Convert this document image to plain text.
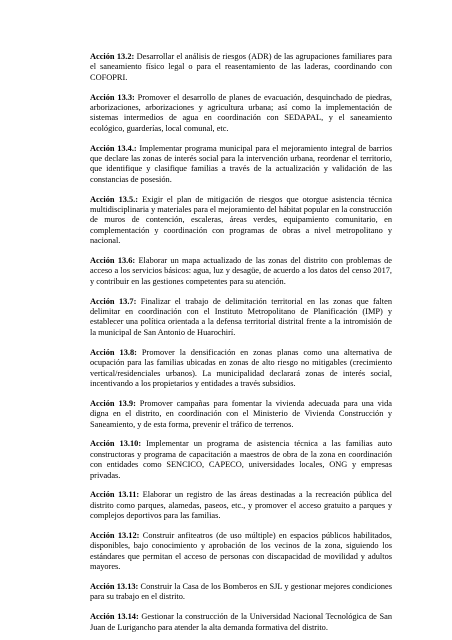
Acción 13.2: Desarrollar el análisis de riesgos (ADR) de las agrupaciones familiares para el saneamiento físico legal o para el reasentamiento de las laderas, coordinando con COFOPRI.

Acción 13.3: Promover el desarrollo de planes de evacuación, desquinchado de piedras, arborizaciones, arborizaciones y agricultura urbana; así como la implementación de sistemas intermedios de agua en coordinación con SEDAPAL, y el saneamiento ecológico, guarderías, local comunal, etc.

Acción 13.4.: Implementar programa municipal para el mejoramiento integral de barrios que declare las zonas de interés social para la intervención urbana, reordenar el territorio, que identifique y clasifique familias a través de la actualización y validación de las constancias de posesión.

Acción 13.5.: Exigir el plan de mitigación de riesgos que otorgue asistencia técnica multidisciplinaria y materiales para el mejoramiento del hábitat popular en la construcción de muros de contención, escaleras, áreas verdes, equipamiento comunitario, en complementación y coordinación con programas de obras a nivel metropolitano y nacional.

Acción 13.6: Elaborar un mapa actualizado de las zonas del distrito con problemas de acceso a los servicios básicos: agua, luz y desagüe, de acuerdo a los datos del censo 2017, y contribuir en las gestiones competentes para su atención.

Acción 13.7: Finalizar el trabajo de delimitación territorial en las zonas que falten delimitar en coordinación con el Instituto Metropolitano de Planificación (IMP) y establecer una política orientada a la defensa territorial distrital frente a la intromisión de la municipal de San Antonio de Huarochirí.

Acción 13.8: Promover la densificación en zonas planas como una alternativa de ocupación para las familias ubicadas en zonas de alto riesgo no mitigables (crecimiento vertical/residenciales urbanos). La municipalidad declarará zonas de interés social, incentivando a los propietarios y entidades a través subsidios.

Acción 13.9: Promover campañas para fomentar la vivienda adecuada para una vida digna en el distrito, en coordinación con el Ministerio de Vivienda Construcción y Saneamiento, y de esta forma, prevenir el tráfico de terrenos.

Acción 13.10: Implementar un programa de asistencia técnica a las familias auto constructoras y programa de capacitación a maestros de obra de la zona en coordinación con entidades como SENCICO, CAPECO, universidades locales, ONG y empresas privadas.

Acción 13.11: Elaborar un registro de las áreas destinadas a la recreación pública del distrito como parques, alamedas, paseos, etc., y promover el acceso gratuito a parques y complejos deportivos para las familias.

Acción 13.12: Construir anfiteatros (de uso múltiple) en espacios públicos habilitados, disponibles, bajo conocimiento y aprobación de los vecinos de la zona, siguiendo los estándares que permitan el acceso de personas con discapacidad de movilidad y adultos mayores.

Acción 13.13: Construir la Casa de los Bomberos en SJL y gestionar mejores condiciones para su trabajo en el distrito.

Acción 13.14: Gestionar la construcción de la Universidad Nacional Tecnológica de San Juan de Lurigancho para atender la alta demanda formativa del distrito.
